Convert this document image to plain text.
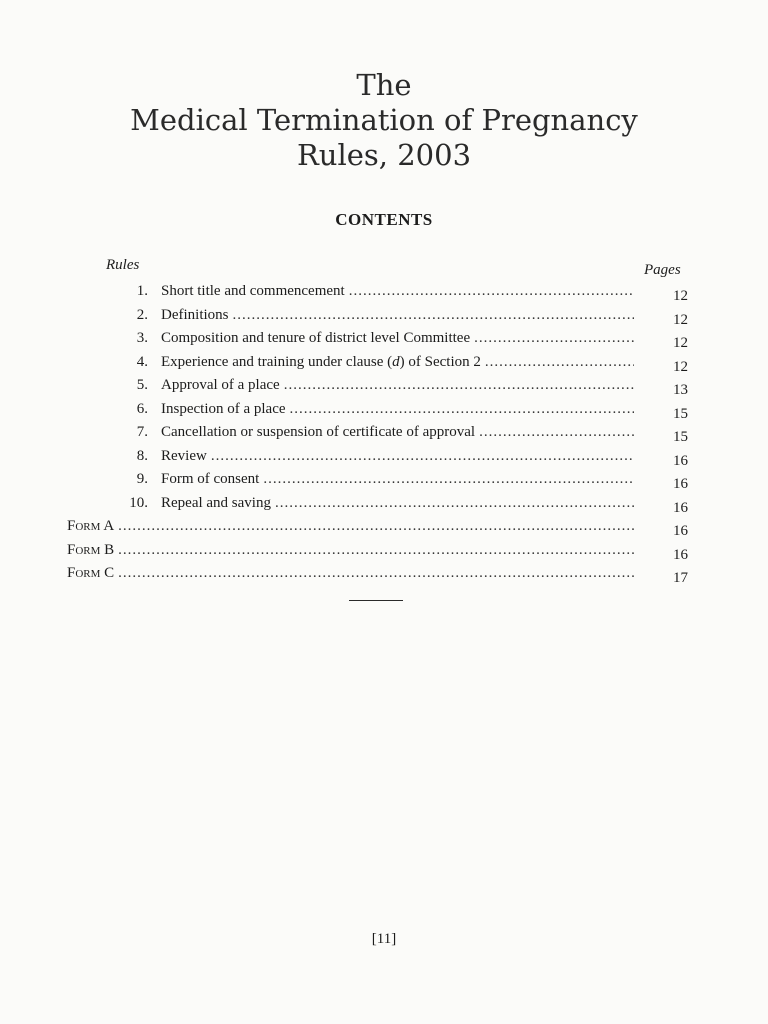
The
Medical Termination of Pregnancy
Rules, 2003
CONTENTS
Rules	Pages
1. Short title and commencement .....	12
2. Definitions .....	12
3. Composition and tenure of district level Committee .....	12
4. Experience and training under clause (d) of Section 2 .....	12
5. Approval of a place .....	13
6. Inspection of a place .....	15
7. Cancellation or suspension of certificate of approval .....	15
8. Review .....	16
9. Form of consent .....	16
10. Repeal and saving .....	16
Form A .....	16
Form B .....	16
Form C .....	17
[11]
